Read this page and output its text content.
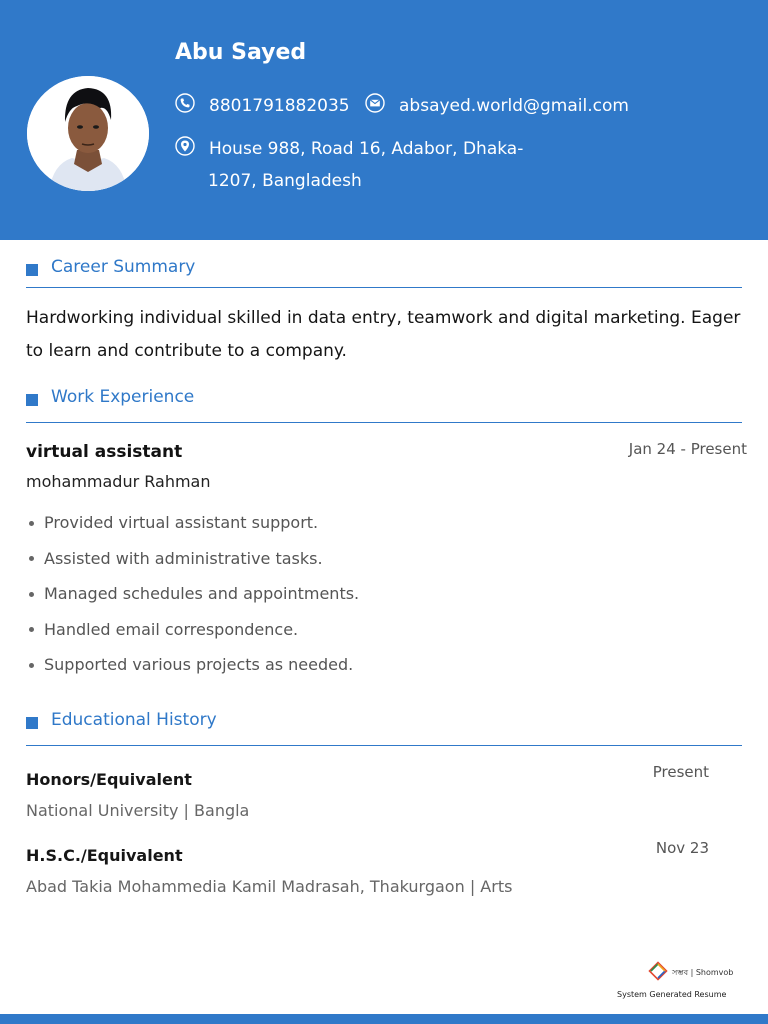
Abu Sayed
8801791882035	absayed.world@gmail.com
House 988, Road 16, Adabor, Dhaka-
1207, Bangladesh
Career Summary
Hardworking individual skilled in data entry, teamwork and digital marketing. Eager to learn and contribute to a company.
Work Experience
virtual assistant	Jan 24 - Present
mohammadur Rahman
Provided virtual assistant support.
Assisted with administrative tasks.
Managed schedules and appointments.
Handled email correspondence.
Supported various projects as needed.
Educational History
Honors/Equivalent	Present
National University | Bangla
H.S.C./Equivalent	Nov 23
Abad Takia Mohammedia Kamil Madrasah, Thakurgaon | Arts
সম্ভব | Shomvob
System Generated Resume
